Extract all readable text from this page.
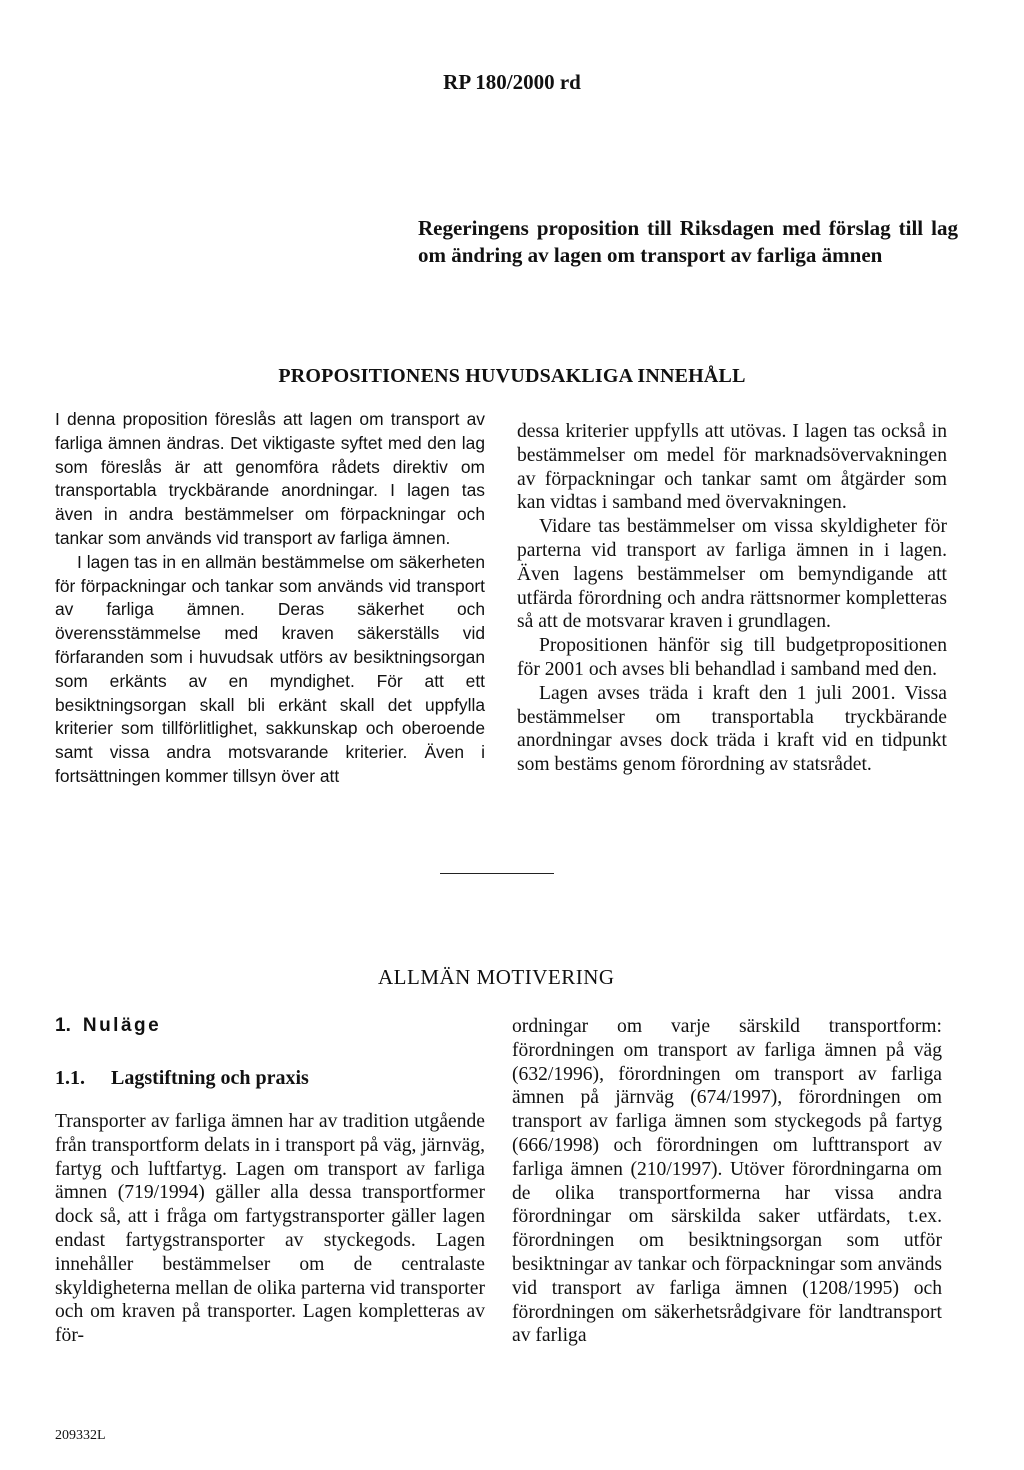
RP 180/2000 rd
Regeringens proposition till Riksdagen med förslag till lag om ändring av lagen om transport av farliga ämnen
PROPOSITIONENS HUVUDSAKLIGA INNEHÅLL

I denna proposition föreslås att lagen om transport av farliga ämnen ändras. Det viktigaste syftet med den lag som föreslås är att genomföra rådets direktiv om transportabla tryckbärande anordningar. I lagen tas även in andra bestämmelser om förpackningar och tankar som används vid transport av farliga ämnen.

I lagen tas in en allmän bestämmelse om säkerheten för förpackningar och tankar som används vid transport av farliga ämnen. Deras säkerhet och överensstämmelse med kraven säkerställs vid förfaranden som i huvudsak utförs av besiktningsorgan som erkänts av en myndighet. För att ett besiktningsorgan skall bli erkänt skall det uppfylla kriterier som tillförlitlighet, sakkunskap och oberoende samt vissa andra motsvarande kriterier. Även i fortsättningen kommer tillsyn över att

dessa kriterier uppfylls att utövas. I lagen tas också in bestämmelser om medel för marknadsövervakningen av förpackningar och tankar samt om åtgärder som kan vidtas i samband med övervakningen.

Vidare tas bestämmelser om vissa skyldigheter för parterna vid transport av farliga ämnen in i lagen. Även lagens bestämmelser om bemyndigande att utfärda förordning och andra rättsnormer kompletteras så att de motsvarar kraven i grundlagen.

Propositionen hänför sig till budgetpropositionen för 2001 och avses bli behandlad i samband med den.

Lagen avses träda i kraft den 1 juli 2001. Vissa bestämmelser om transportabla tryckbärande anordningar avses dock träda i kraft vid en tidpunkt som bestäms genom förordning av statsrådet.

ALLMÄN MOTIVERING
1. Nuläge
1.1. Lagstiftning och praxis

Transporter av farliga ämnen har av tradition utgående från transportform delats in i transport på väg, järnväg, fartyg och luftfartyg. Lagen om transport av farliga ämnen (719/1994) gäller alla dessa transportformer dock så, att i fråga om fartygstransporter gäller lagen endast fartygstransporter av styckegods. Lagen innehåller bestämmelser om de centralaste skyldigheterna mellan de olika parterna vid transporter och om kraven på transporter. Lagen kompletteras av för-

ordningar om varje särskild transportform: förordningen om transport av farliga ämnen på väg (632/1996), förordningen om transport av farliga ämnen på järnväg (674/1997), förordningen om transport av farliga ämnen som styckegods på fartyg (666/1998) och förordningen om lufttransport av farliga ämnen (210/1997). Utöver förordningarna om de olika transportformerna har vissa andra förordningar om särskilda saker utfärdats, t.ex. förordningen om besiktningsorgan som utför besiktningar av tankar och förpackningar som används vid transport av farliga ämnen (1208/1995) och förordningen om säkerhetsrådgivare för landtransport av farliga

209332L
